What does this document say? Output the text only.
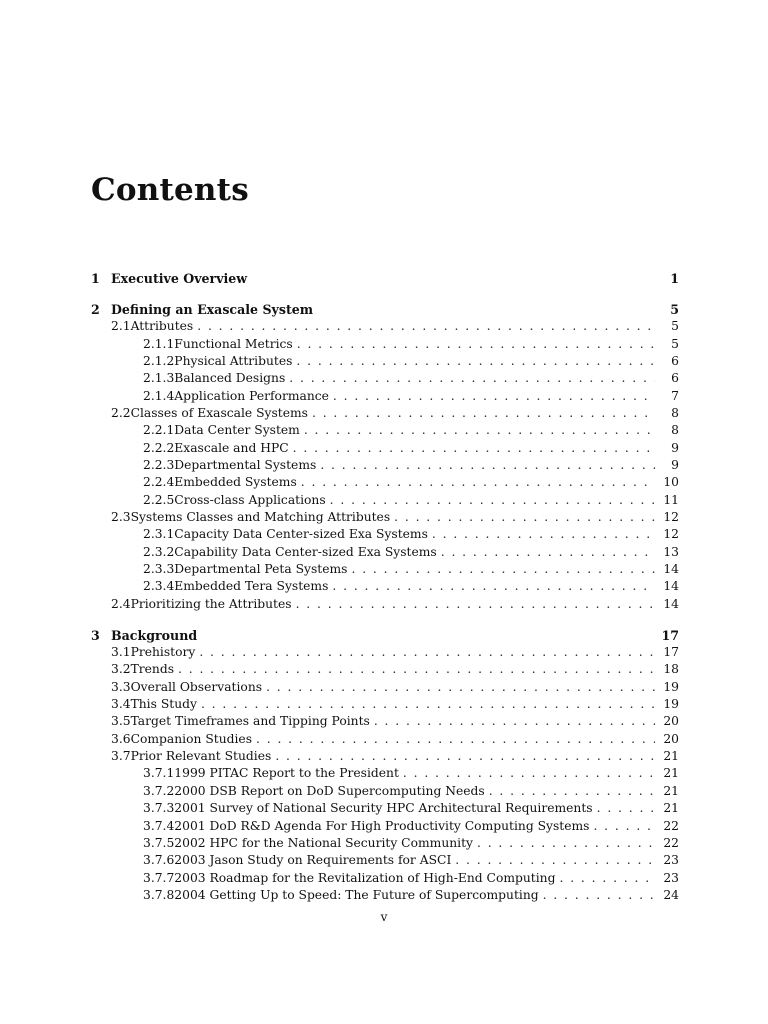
Contents
1 Executive Overview	1
2 Defining an Exascale System	5
2.1 Attributes . . .	5
2.1.1 Functional Metrics . . .	5
2.1.2 Physical Attributes . . .	6
2.1.3 Balanced Designs . . .	6
2.1.4 Application Performance . . .	7
2.2 Classes of Exascale Systems . . .	8
2.2.1 Data Center System . . .	8
2.2.2 Exascale and HPC . . .	9
2.2.3 Departmental Systems . . .	9
2.2.4 Embedded Systems . . .	10
2.2.5 Cross-class Applications . . .	11
2.3 Systems Classes and Matching Attributes . . .	12
2.3.1 Capacity Data Center-sized Exa Systems . . .	12
2.3.2 Capability Data Center-sized Exa Systems . . .	13
2.3.3 Departmental Peta Systems . . .	14
2.3.4 Embedded Tera Systems . . .	14
2.4 Prioritizing the Attributes . . .	14
3 Background	17
3.1 Prehistory . . .	17
3.2 Trends . . .	18
3.3 Overall Observations . . .	19
3.4 This Study . . .	19
3.5 Target Timeframes and Tipping Points . . .	20
3.6 Companion Studies . . .	20
3.7 Prior Relevant Studies . . .	21
3.7.1 1999 PITAC Report to the President . . .	21
3.7.2 2000 DSB Report on DoD Supercomputing Needs . . .	21
3.7.3 2001 Survey of National Security HPC Architectural Requirements . . .	21
3.7.4 2001 DoD R&D Agenda For High Productivity Computing Systems . . .	22
3.7.5 2002 HPC for the National Security Community . . .	22
3.7.6 2003 Jason Study on Requirements for ASCI . . .	23
3.7.7 2003 Roadmap for the Revitalization of High-End Computing . . .	23
3.7.8 2004 Getting Up to Speed: The Future of Supercomputing . . .	24
v
